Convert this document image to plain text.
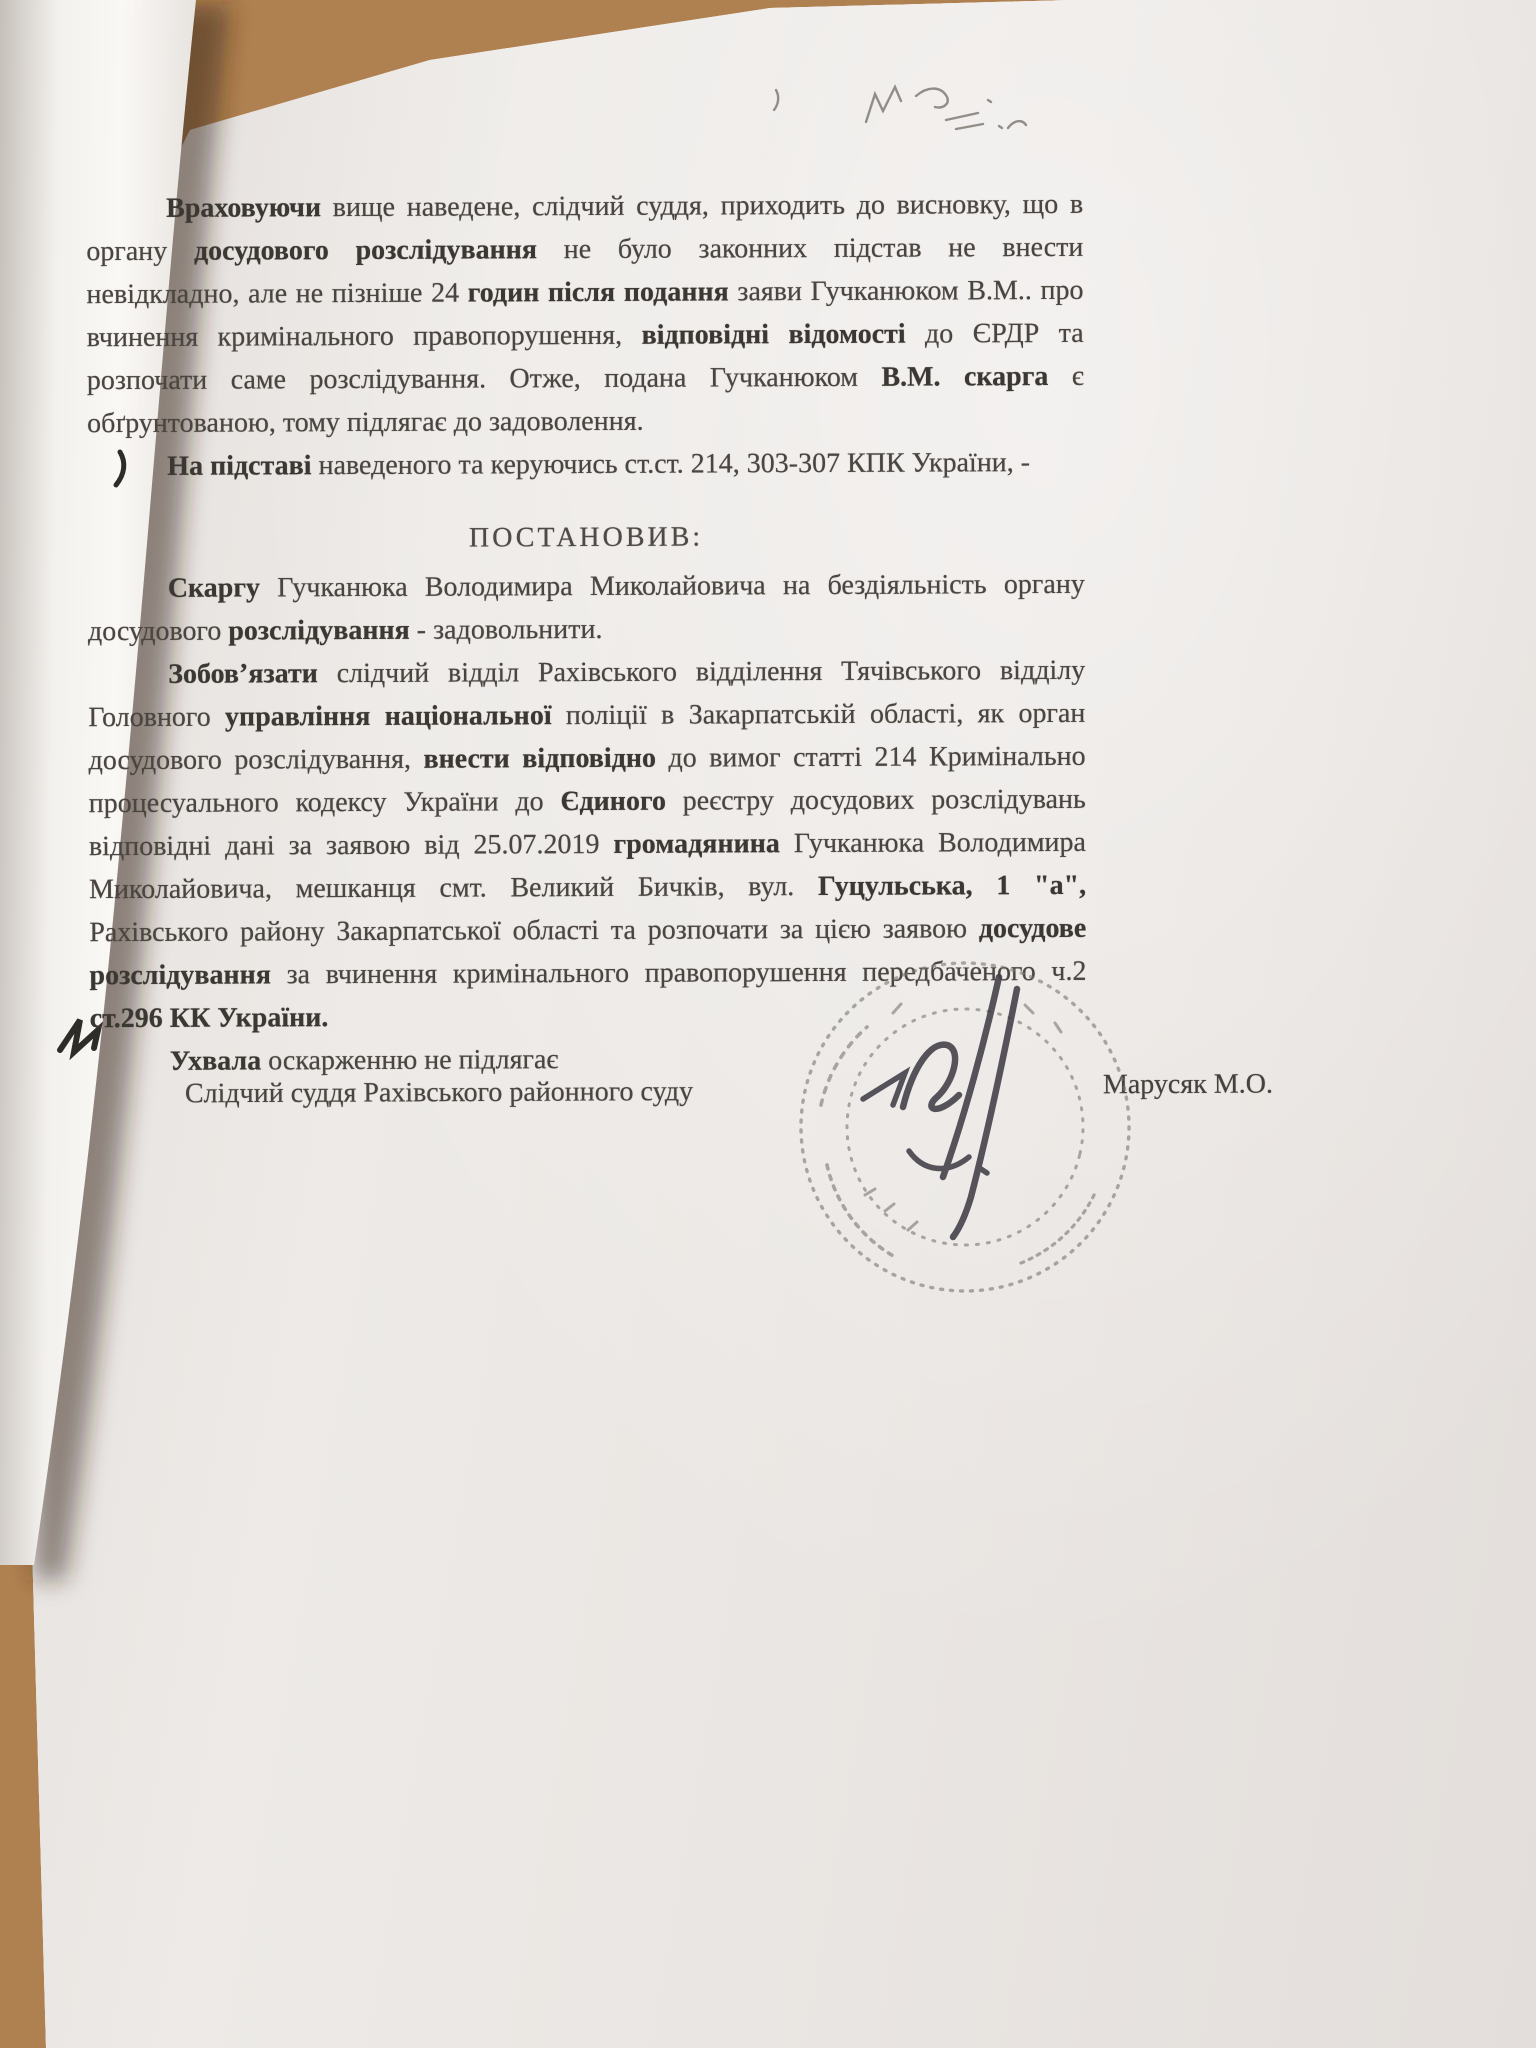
Враховуючи вище наведене, слідчий суддя, приходить до висновку, що в органу досудового розслідування не було законних підстав не внести невідкладно, але не пізніше 24 годин після подання заяви Гучканюком В.М.. про вчинення кримінального правопорушення, відповідні відомості до ЄРДР та розпочати саме розслідування. Отже, подана Гучканюком В.М. скарга є обґрунтованою, тому підлягає до задоволення.

На підставі наведеного та керуючись ст.ст. 214, 303-307 КПК України, -

ПОСТАНОВИВ:

Скаргу Гучканюка Володимира Миколайовича на бездіяльність органу досудового розслідування - задовольнити.

Зобов’язати слідчий відділ Рахівського відділення Тячівського відділу Головного управління національної поліції в Закарпатській області, як орган досудового розслідування, внести відповідно до вимог статті 214 Кримінально процесуального кодексу України до Єдиного реєстру досудових розслідувань відповідні дані за заявою від 25.07.2019 громадянина Гучканюка Володимира Миколайовича, мешканця смт. Великий Бичків, вул. Гуцульська, 1 "а", Рахівського району Закарпатської області та розпочати за цією заявою досудове розслідування за вчинення кримінального правопорушення передбаченого ч.2 ст.296 КК України.

Ухвала оскарженню не підлягає

Слідчий суддя Рахівського районного суду	Марусяк М.О.
